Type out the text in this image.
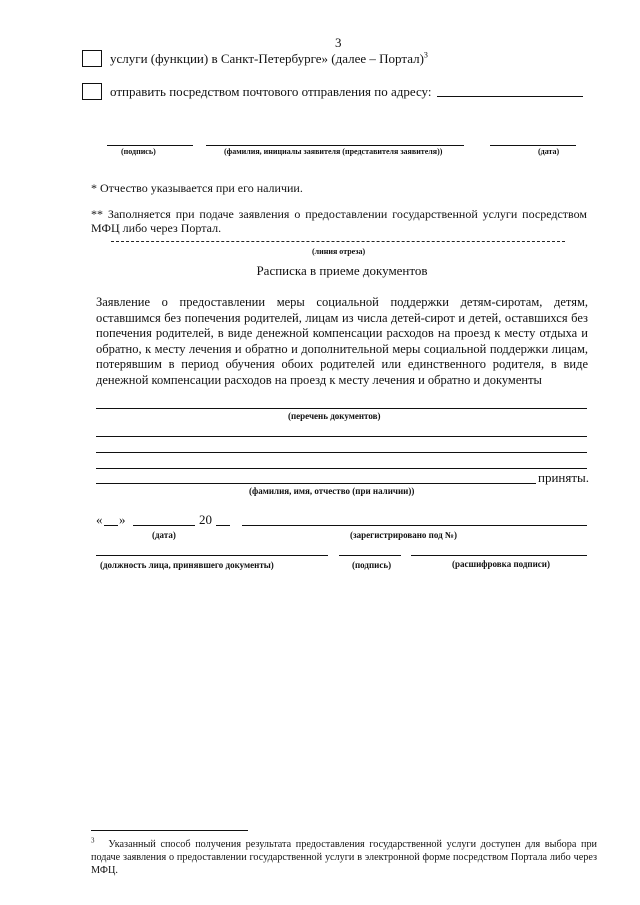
3
услуги (функции) в Санкт-Петербурге» (далее – Портал)$^3$
отправить посредством почтового отправления по адресу:
(подпись)	(фамилия, инициалы заявителя (представителя заявителя))	(дата)
* Отчество указывается при его наличии.
** Заполняется при подаче заявления о предоставлении государственной услуги посредством МФЦ либо через Портал.
(линия отреза)
Расписка в приеме документов
Заявление о предоставлении меры социальной поддержки детям-сиротам, детям, оставшимся без попечения родителей, лицам из числа детей-сирот и детей, оставшихся без попечения родителей, в виде денежной компенсации расходов на проезд к месту отдыха и обратно, к месту лечения и обратно и дополнительной меры социальной поддержки лицам, потерявшим в период обучения обоих родителей или единственного родителя, в виде денежной компенсации расходов на проезд к месту лечения и обратно и документы
(перечень документов)
приняты.
(фамилия, имя, отчество (при наличии))
« »	20
(дата)	(зарегистрировано под №)
(должность лица, принявшего документы)	(подпись)	(расшифровка подписи)
$^3$ Указанный способ получения результата предоставления государственной услуги доступен для выбора при подаче заявления о предоставлении государственной услуги в электронной форме посредством Портала либо через МФЦ.
